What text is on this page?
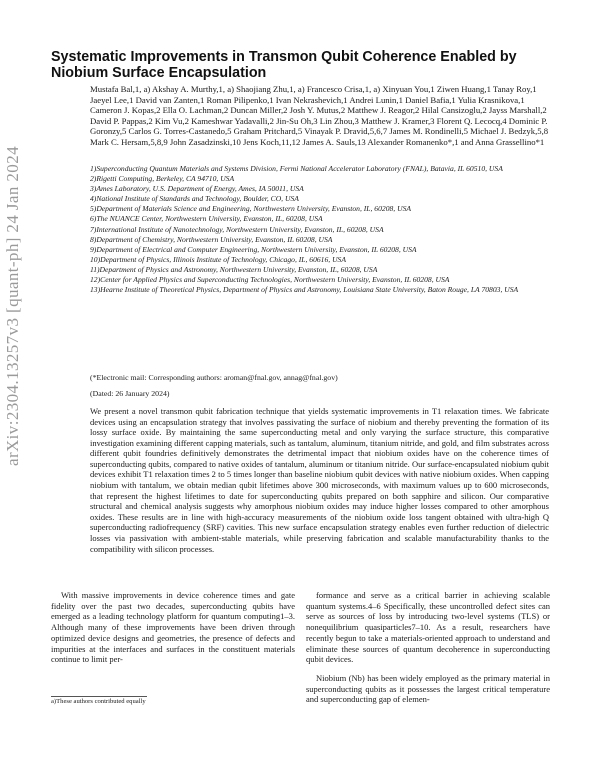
arXiv:2304.13257v3 [quant-ph] 24 Jan 2024
Systematic Improvements in Transmon Qubit Coherence Enabled by Niobium Surface Encapsulation
Mustafa Bal,1, a) Akshay A. Murthy,1, a) Shaojiang Zhu,1, a) Francesco Crisa,1, a) Xinyuan You,1 Ziwen Huang,1 Tanay Roy,1 Jaeyel Lee,1 David van Zanten,1 Roman Pilipenko,1 Ivan Nekrashevich,1 Andrei Lunin,1 Daniel Bafia,1 Yulia Krasnikova,1 Cameron J. Kopas,2 Ella O. Lachman,2 Duncan Miller,2 Josh Y. Mutus,2 Matthew J. Reagor,2 Hilal Cansizoglu,2 Jayss Marshall,2 David P. Pappas,2 Kim Vu,2 Kameshwar Yadavalli,2 Jin-Su Oh,3 Lin Zhou,3 Matthew J. Kramer,3 Florent Q. Lecocq,4 Dominic P. Goronzy,5 Carlos G. Torres-Castanedo,5 Graham Pritchard,5 Vinayak P. Dravid,5,6,7 James M. Rondinelli,5 Michael J. Bedzyk,5,8 Mark C. Hersam,5,8,9 John Zasadzinski,10 Jens Koch,11,12 James A. Sauls,13 Alexander Romanenko*,1 and Anna Grassellino*1
1)Superconducting Quantum Materials and Systems Division, Fermi National Accelerator Laboratory (FNAL), Batavia, IL 60510, USA
2)Rigetti Computing, Berkeley, CA 94710, USA
3)Ames Laboratory, U.S. Department of Energy, Ames, IA 50011, USA
4)National Institute of Standards and Technology, Boulder, CO, USA
5)Department of Materials Science and Engineering, Northwestern University, Evanston, IL, 60208, USA
6)The NUANCE Center, Northwestern University, Evanston, IL, 60208, USA
7)International Institute of Nanotechnology, Northwestern University, Evanston, IL, 60208, USA
8)Department of Chemistry, Northwestern University, Evanston, IL 60208, USA
9)Department of Electrical and Computer Engineering, Northwestern University, Evanston, IL 60208, USA
10)Department of Physics, Illinois Institute of Technology, Chicago, IL, 60616, USA
11)Department of Physics and Astronomy, Northwestern University, Evanston, IL, 60208, USA
12)Center for Applied Physics and Superconducting Technologies, Northwestern University, Evanston, IL 60208, USA
13)Hearne Institute of Theoretical Physics, Department of Physics and Astronomy, Louisiana State University, Baton Rouge, LA 70803, USA
(*Electronic mail: Corresponding authors: aroman@fnal.gov, annag@fnal.gov)
(Dated: 26 January 2024)
We present a novel transmon qubit fabrication technique that yields systematic improvements in T1 relaxation times. We fabricate devices using an encapsulation strategy that involves passivating the surface of niobium and thereby preventing the formation of its lossy surface oxide. By maintaining the same superconducting metal and only varying the surface structure, this comparative investigation examining different capping materials, such as tantalum, aluminum, titanium nitride, and gold, and film substrates across different qubit foundries definitively demonstrates the detrimental impact that niobium oxides have on the coherence times of superconducting qubits, compared to native oxides of tantalum, aluminum or titanium nitride. Our surface-encapsulated niobium qubit devices exhibit T1 relaxation times 2 to 5 times longer than baseline niobium qubit devices with native niobium oxides. When capping niobium with tantalum, we obtain median qubit lifetimes above 300 microseconds, with maximum values up to 600 microseconds, that represent the highest lifetimes to date for superconducting qubits prepared on both sapphire and silicon. Our comparative structural and chemical analysis suggests why amorphous niobium oxides may induce higher losses compared to other amorphous oxides. These results are in line with high-accuracy measurements of the niobium oxide loss tangent obtained with ultra-high Q superconducting radiofrequency (SRF) cavities. This new surface encapsulation strategy enables even further reduction of dielectric losses via passivation with ambient-stable materials, while preserving fabrication and scalable manufacturability thanks to the compatibility with silicon processes.

With massive improvements in device coherence times and gate fidelity over the past two decades, superconducting qubits have emerged as a leading technology platform for quantum computing1–3. Although many of these improvements have been driven through optimized device designs and geometries, the presence of defects and impurities at the interfaces and surfaces in the constituent materials continue to limit per-

formance and serve as a critical barrier in achieving scalable quantum systems.4–6 Specifically, these uncontrolled defect sites can serve as sources of loss by introducing two-level systems (TLS) or nonequilibrium quasiparticles7–10. As a result, researchers have recently begun to take a materials-oriented approach to understand and eliminate these sources of quantum decoherence in superconducting qubit devices.

Niobium (Nb) has been widely employed as the primary material in superconducting qubits as it possesses the largest critical temperature and superconducting gap of elemen-

a)These authors contributed equally
